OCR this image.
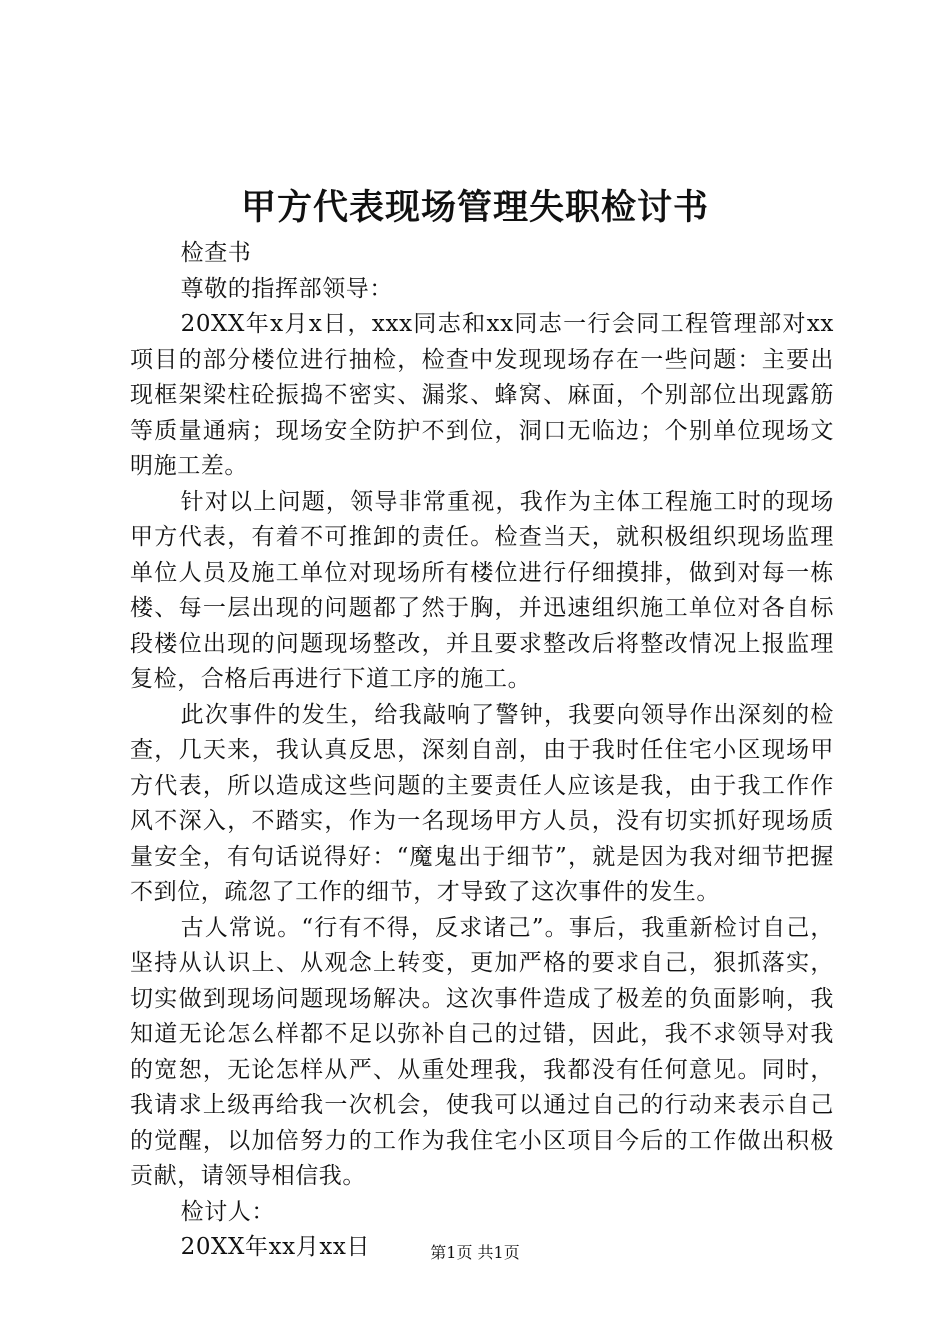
甲方代表现场管理失职检讨书

检查书

尊敬的指挥部领导：

20XX年x月x日，xxx同志和xx同志一行会同工程管理部对xx项目的部分楼位进行抽检，检查中发现现场存在一些问题：主要出现框架梁柱砼振捣不密实、漏浆、蜂窝、麻面，个别部位出现露筋等质量通病；现场安全防护不到位，洞口无临边；个别单位现场文明施工差。

针对以上问题，领导非常重视，我作为主体工程施工时的现场甲方代表，有着不可推卸的责任。检查当天，就积极组织现场监理单位人员及施工单位对现场所有楼位进行仔细摸排，做到对每一栋楼、每一层出现的问题都了然于胸，并迅速组织施工单位对各自标段楼位出现的问题现场整改，并且要求整改后将整改情况上报监理复检，合格后再进行下道工序的施工。

此次事件的发生，给我敲响了警钟，我要向领导作出深刻的检查，几天来，我认真反思，深刻自剖，由于我时任住宅小区现场甲方代表，所以造成这些问题的主要责任人应该是我，由于我工作作风不深入，不踏实，作为一名现场甲方人员，没有切实抓好现场质量安全，有句话说得好：“魔鬼出于细节”，就是因为我对细节把握不到位，疏忽了工作的细节，才导致了这次事件的发生。

古人常说。“行有不得，反求诸己”。事后，我重新检讨自己，坚持从认识上、从观念上转变，更加严格的要求自己，狠抓落实，切实做到现场问题现场解决。这次事件造成了极差的负面影响，我知道无论怎么样都不足以弥补自己的过错，因此，我不求领导对我的宽恕，无论怎样从严、从重处理我，我都没有任何意见。同时，我请求上级再给我一次机会，使我可以通过自己的行动来表示自己的觉醒，以加倍努力的工作为我住宅小区项目今后的工作做出积极贡献，请领导相信我。

检讨人：

20XX年xx月xx日	第1页 共1页
